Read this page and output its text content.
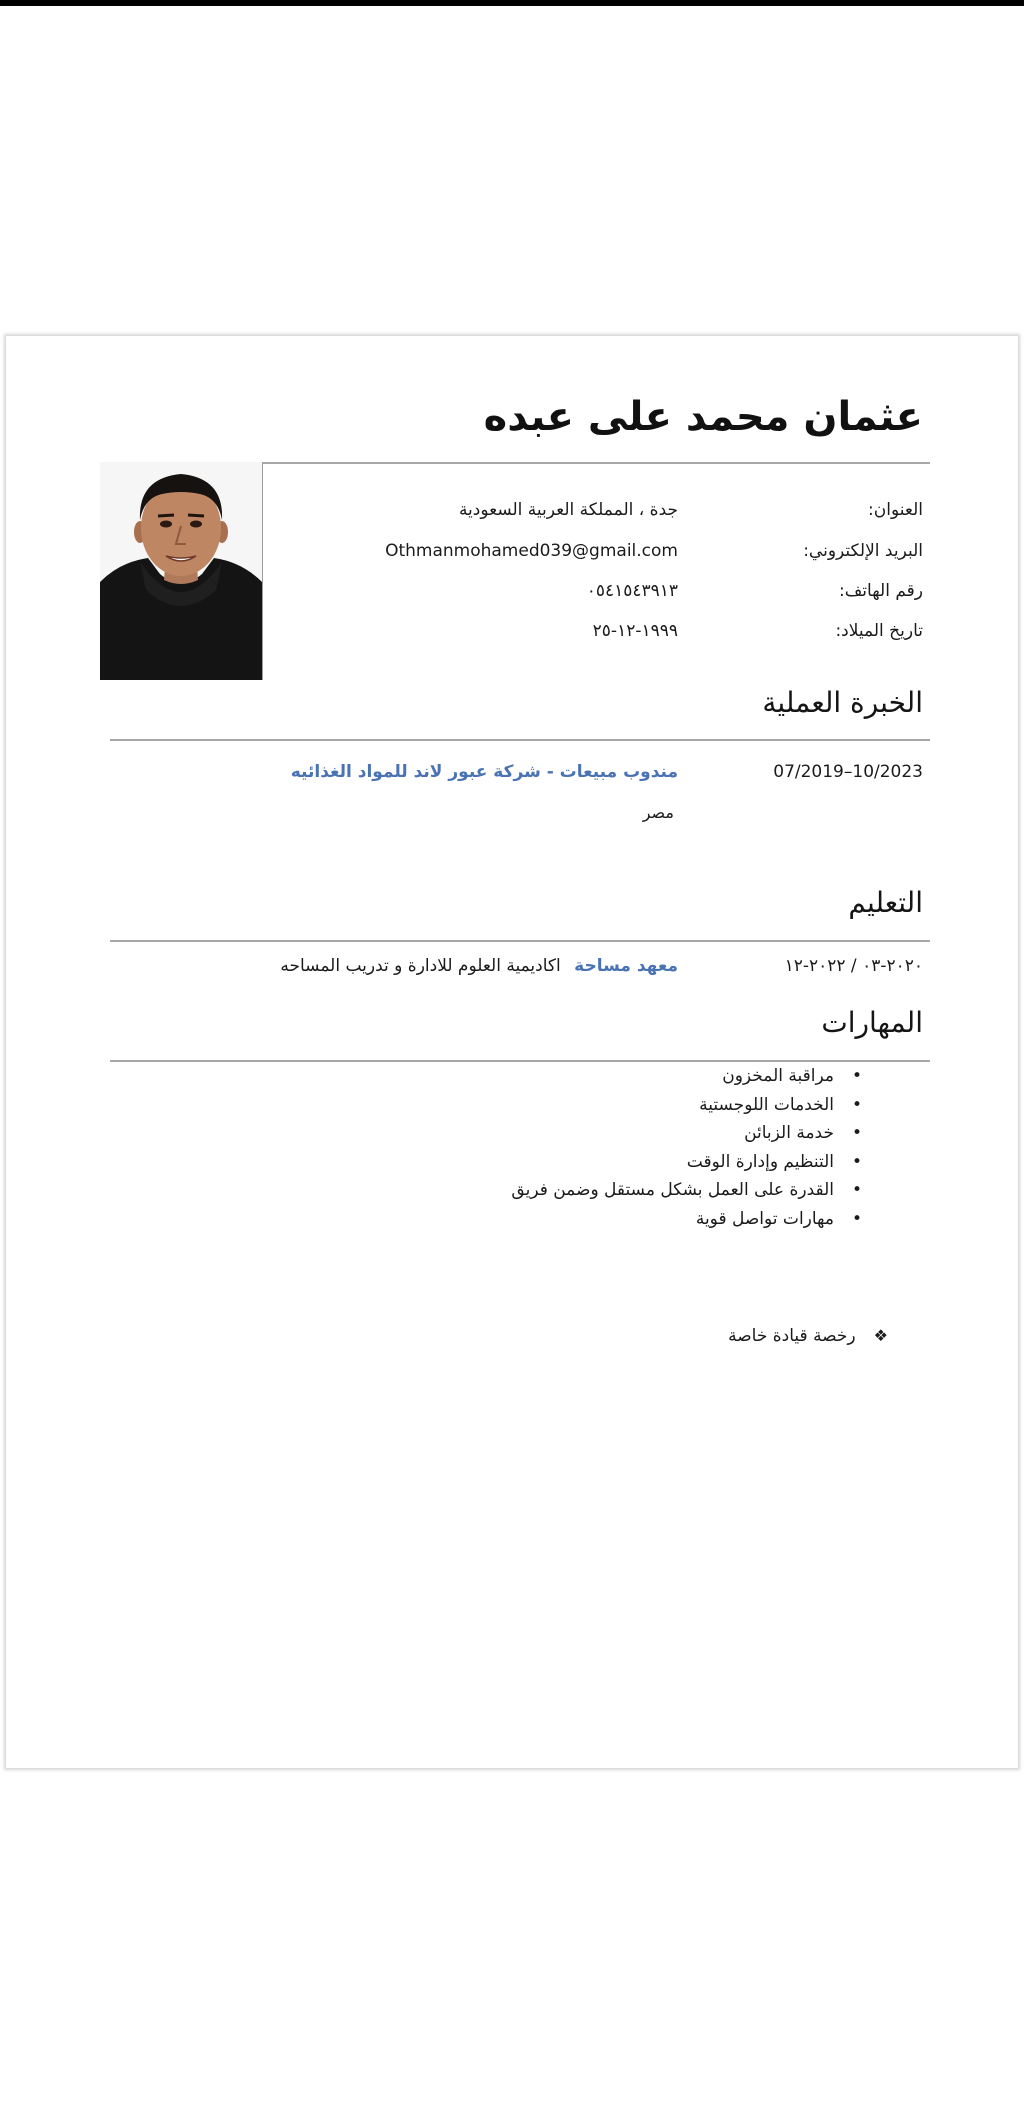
عثمان محمد على عبده
العنوان:
جدة ، المملكة العربية السعودية
البريد الإلكتروني:
Othmanmohamed039@gmail.com
رقم الهاتف:
٠٥٤١٥٤٣٩١٣
تاريخ الميلاد:
١٩٩٩-١٢-٢٥
الخبرة العملية
07/2019–10/2023
مندوب مبيعات - شركة عبور لاند للمواد الغذائيه
مصر
التعليم
٢٠٢٠-٠٣ / ٢٠٢٢-١٢
معهد مساحة اكاديمية العلوم للادارة و تدريب المساحه
المهارات
•
مراقبة المخزون
•
الخدمات اللوجستية
•
خدمة الزبائن
•
التنظيم وإدارة الوقت
•
القدرة على العمل بشكل مستقل وضمن فريق
•
مهارات تواصل قوية
❖رخصة قيادة خاصة
